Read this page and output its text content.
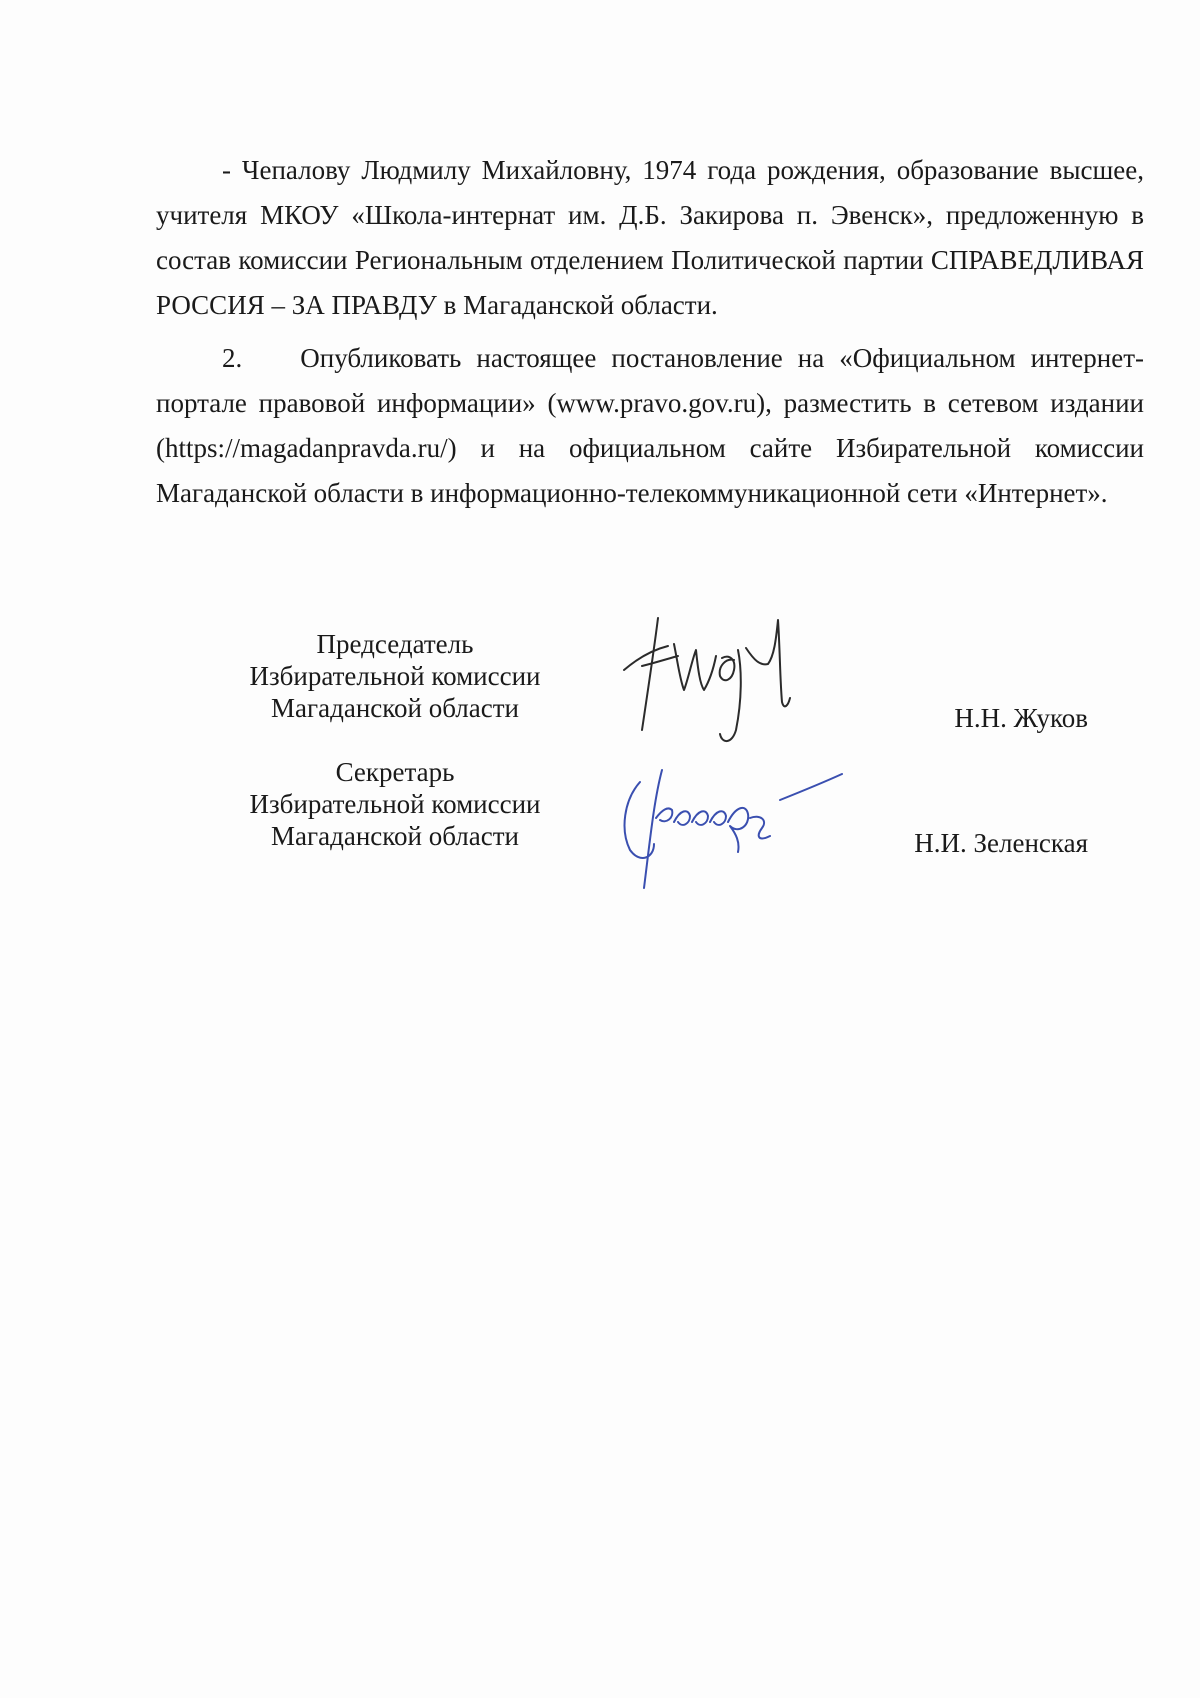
- Чепалову Людмилу Михайловну, 1974 года рождения, образование высшее, учителя МКОУ «Школа-интернат им. Д.Б. Закирова п. Эвенск», предложенную в состав комиссии Региональным отделением Политической партии СПРАВЕДЛИВАЯ РОССИЯ – ЗА ПРАВДУ в Магаданской области.

2. Опубликовать настоящее постановление на «Официальном интернет-портале правовой информации» (www.pravo.gov.ru), разместить в сетевом издании (https://magadanpravda.ru/) и на официальном сайте Избирательной комиссии Магаданской области в информационно-телекоммуникационной сети «Интернет».

Председатель
Избирательной комиссии
Магаданской области	Н.Н. Жуков
Секретарь
Избирательной комиссии
Магаданской области	Н.И. Зеленская
